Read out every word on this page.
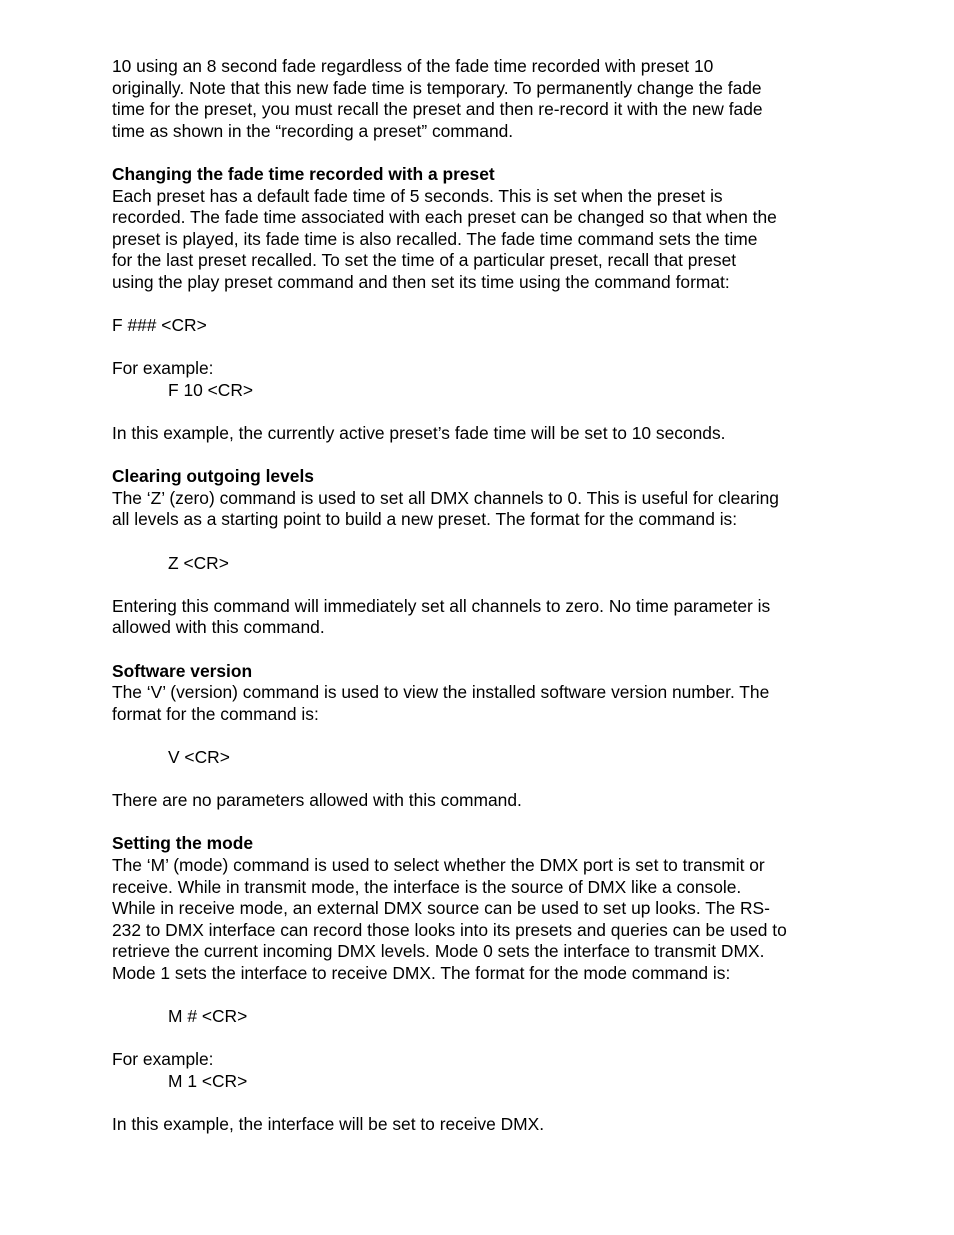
10 using an 8 second fade regardless of the fade time recorded with preset 10
originally. Note that this new fade time is temporary. To permanently change the fade
time for the preset, you must recall the preset and then re-record it with the new fade
time as shown in the “recording a preset” command.

Changing the fade time recorded with a preset

Each preset has a default fade time of 5 seconds. This is set when the preset is
recorded. The fade time associated with each preset can be changed so that when the
preset is played, its fade time is also recalled. The fade time command sets the time
for the last preset recalled. To set the time of a particular preset, recall that preset
using the play preset command and then set its time using the command format:

F ### <CR>

For example:

F 10 <CR>

In this example, the currently active preset’s fade time will be set to 10 seconds.

Clearing outgoing levels

The ‘Z’ (zero) command is used to set all DMX channels to 0. This is useful for clearing
all levels as a starting point to build a new preset. The format for the command is:

Z <CR>

Entering this command will immediately set all channels to zero. No time parameter is
allowed with this command.

Software version

The ‘V’ (version) command is used to view the installed software version number. The
format for the command is:

V <CR>

There are no parameters allowed with this command.

Setting the mode

The ‘M’ (mode) command is used to select whether the DMX port is set to transmit or
receive. While in transmit mode, the interface is the source of DMX like a console.
While in receive mode, an external DMX source can be used to set up looks. The RS-
232 to DMX interface can record those looks into its presets and queries can be used to
retrieve the current incoming DMX levels. Mode 0 sets the interface to transmit DMX.
Mode 1 sets the interface to receive DMX. The format for the mode command is:

M # <CR>

For example:

M 1 <CR>

In this example, the interface will be set to receive DMX.
